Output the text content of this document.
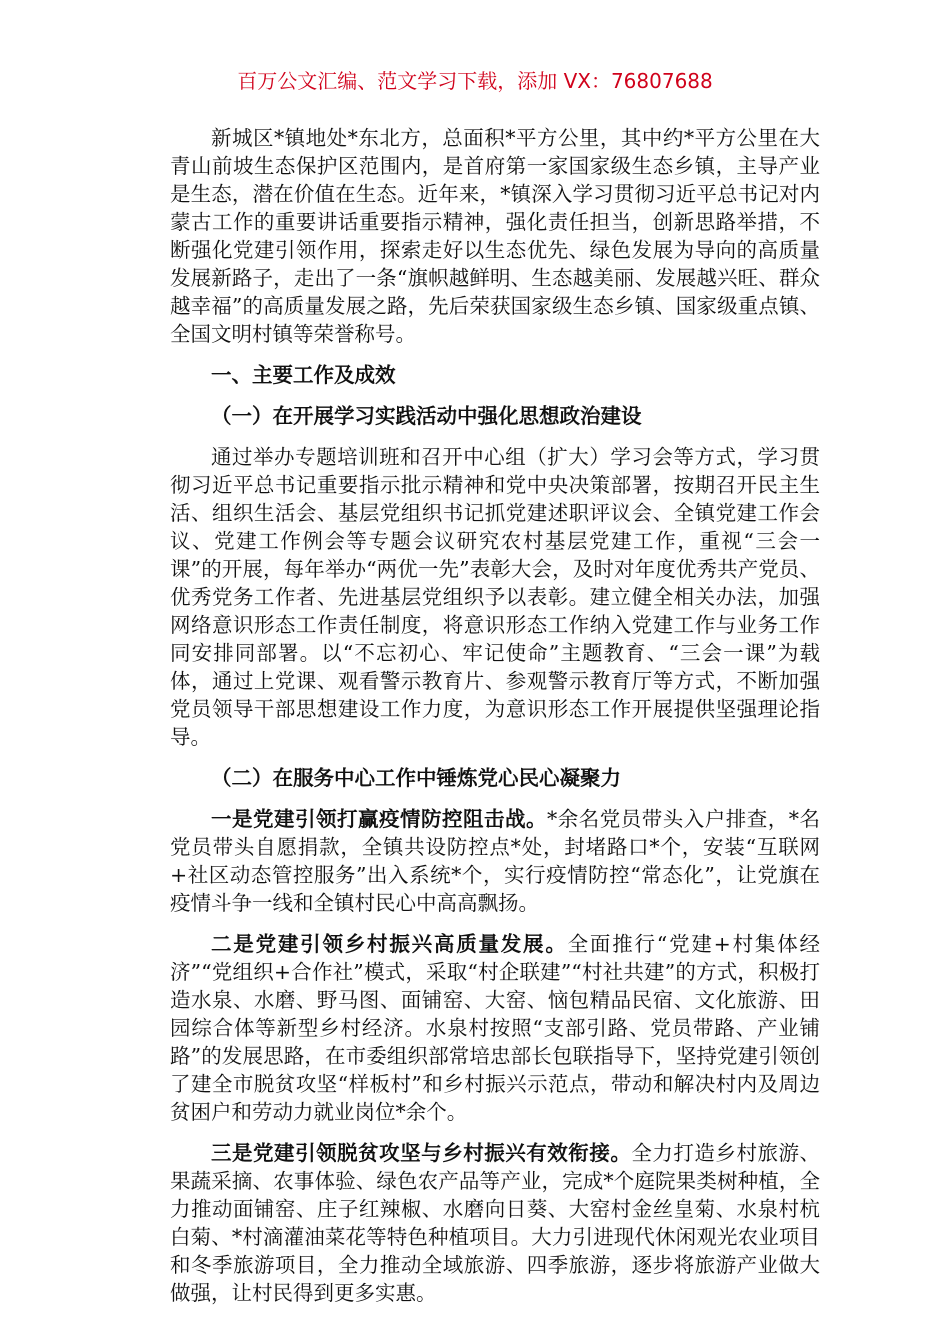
百万公文汇编、范文学习下载，添加 VX：76807688

新城区*镇地处*东北方，总面积*平方公里，其中约*平方公里在大青山前坡生态保护区范围内，是首府第一家国家级生态乡镇，主导产业是生态，潜在价值在生态。近年来，*镇深入学习贯彻习近平总书记对内蒙古工作的重要讲话重要指示精神，强化责任担当，创新思路举措，不断强化党建引领作用，探索走好以生态优先、绿色发展为导向的高质量发展新路子，走出了一条“旗帜越鲜明、生态越美丽、发展越兴旺、群众越幸福”的高质量发展之路，先后荣获国家级生态乡镇、国家级重点镇、全国文明村镇等荣誉称号。

一、主要工作及成效

（一）在开展学习实践活动中强化思想政治建设

通过举办专题培训班和召开中心组（扩大）学习会等方式，学习贯彻习近平总书记重要指示批示精神和党中央决策部署，按期召开民主生活、组织生活会、基层党组织书记抓党建述职评议会、全镇党建工作会议、党建工作例会等专题会议研究农村基层党建工作，重视“三会一课”的开展，每年举办“两优一先”表彰大会，及时对年度优秀共产党员、优秀党务工作者、先进基层党组织予以表彰。建立健全相关办法，加强网络意识形态工作责任制度，将意识形态工作纳入党建工作与业务工作同安排同部署。以“不忘初心、牢记使命”主题教育、“三会一课”为载体，通过上党课、观看警示教育片、参观警示教育厅等方式，不断加强党员领导干部思想建设工作力度，为意识形态工作开展提供坚强理论指导。

（二）在服务中心工作中锤炼党心民心凝聚力

一是党建引领打赢疫情防控阻击战。*余名党员带头入户排查，*名党员带头自愿捐款，全镇共设防控点*处，封堵路口*个，安装“互联网+社区动态管控服务”出入系统*个，实行疫情防控“常态化”，让党旗在疫情斗争一线和全镇村民心中高高飘扬。

二是党建引领乡村振兴高质量发展。全面推行“党建+村集体经济”“党组织+合作社”模式，采取“村企联建”“村社共建”的方式，积极打造水泉、水磨、野马图、面铺窑、大窑、恼包精品民宿、文化旅游、田园综合体等新型乡村经济。水泉村按照“支部引路、党员带路、产业铺路”的发展思路，在市委组织部常培忠部长包联指导下，坚持党建引领创了建全市脱贫攻坚“样板村”和乡村振兴示范点，带动和解决村内及周边贫困户和劳动力就业岗位*余个。

三是党建引领脱贫攻坚与乡村振兴有效衔接。全力打造乡村旅游、果蔬采摘、农事体验、绿色农产品等产业，完成*个庭院果类树种植，全力推动面铺窑、庄子红辣椒、水磨向日葵、大窑村金丝皇菊、水泉村杭白菊、*村滴灌油菜花等特色种植项目。大力引进现代休闲观光农业项目和冬季旅游项目，全力推动全域旅游、四季旅游，逐步将旅游产业做大做强，让村民得到更多实惠。
